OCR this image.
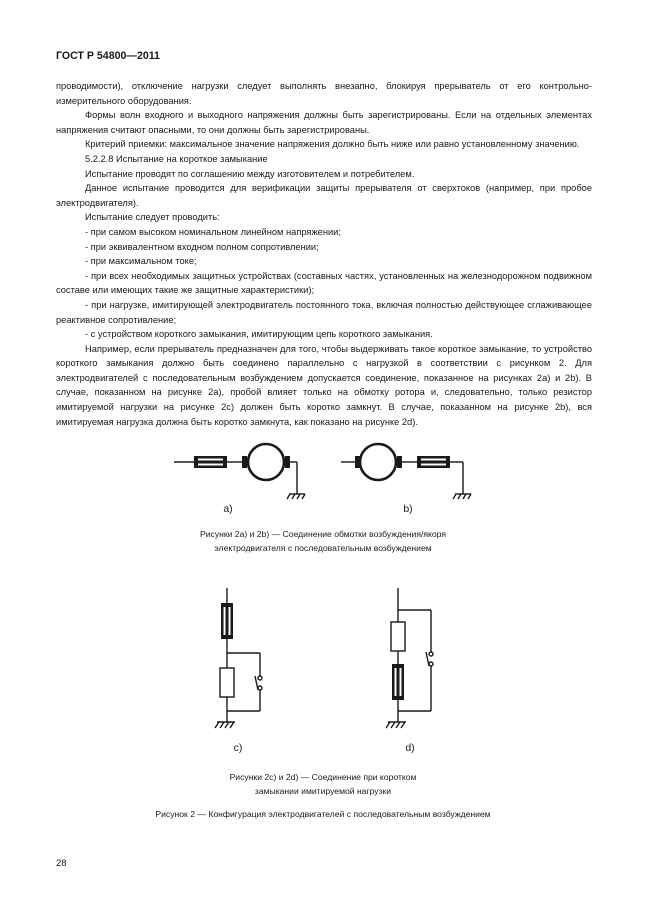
ГОСТ Р 54800—2011

проводимости), отключение нагрузки следует выполнять внезапно, блокируя прерыватель от его контрольно-измерительного оборудования.

Формы волн входного и выходного напряжения должны быть зарегистрированы. Если на отдельных элементах напряжения считают опасными, то они должны быть зарегистрированы.

Критерий приемки: максимальное значение напряжения должно быть ниже или равно установленному значению.

5.2.2.8 Испытание на короткое замыкание

Испытание проводят по соглашению между изготовителем и потребителем.

Данное испытание проводится для верификации защиты прерывателя от сверхтоков (например, при пробое электродвигателя).

Испытание следует проводить:

- при самом высоком номинальном линейном напряжении;

- при эквивалентном входном полном сопротивлении;

- при максимальном токе;

- при всех необходимых защитных устройствах (составных частях, установленных на железнодорожном подвижном составе или имеющих такие же защитные характеристики);

- при нагрузке, имитирующей электродвигатель постоянного тока, включая полностью действующее сглаживающее реактивное сопротивление;

- с устройством короткого замыкания, имитирующим цепь короткого замыкания.

Например, если прерыватель предназначен для того, чтобы выдерживать такое короткое замыкание, то устройство короткого замыкания должно быть соединено параллельно с нагрузкой в соответствии с рисунком 2. Для электродвигателей с последовательным возбуждением допускается соединение, показанное на рисунках 2a) и 2b). В случае, показанном на рисунке 2a), пробой влияет только на обмотку ротора и, следовательно, только резистор имитируемой нагрузки на рисунке 2c) должен быть коротко замкнут. В случае, показанном на рисунке 2b), вся имитируемая нагрузка должна быть коротко замкнута, как показано на рисунке 2d).

a)	b)
c)	d)
Рисунки 2a) и 2b) — Соединение обмотки возбуждения/якоря
электродвигателя с последовательным возбуждением
Рисунки 2c) и 2d) — Соединение при коротком
замыкании имитируемой нагрузки
Рисунок 2 — Конфигурация электродвигателей с последовательным возбуждением
28
